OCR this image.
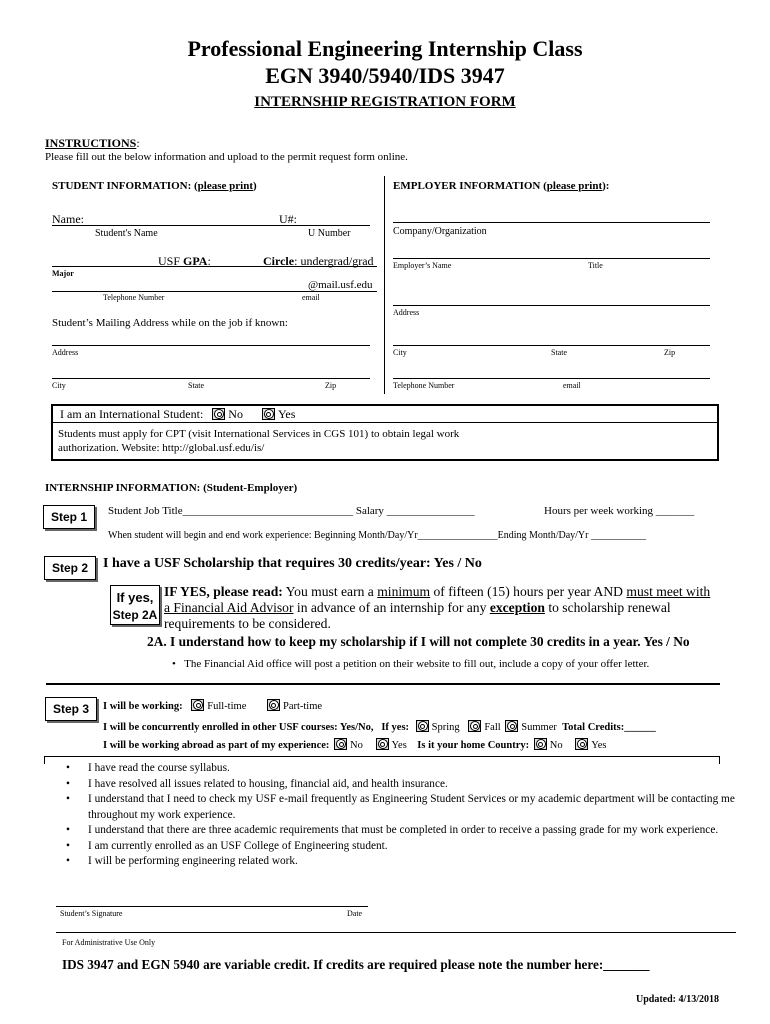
Professional Engineering Internship Class
EGN 3940/5940/IDS 3947
INTERNSHIP REGISTRATION FORM
INSTRUCTIONS:
Please fill out the below information and upload to the permit request form online.
STUDENT INFORMATION: (please print)
Name:	U#:
Student's Name	U Number
USF GPA:	Circle: undergrad/grad
Major
@mail.usf.edu
Telephone Number	email
Student’s Mailing Address while on the job if known:
Address
City	State	Zip
EMPLOYER INFORMATION (please print):
Company/Organization
Employer’s Name	Title
Address
City	State	Zip
Telephone Number	email
I am an International Student: No	Yes
Students must apply for CPT (visit International Services in CGS 101) to obtain legal work
authorization. Website: http://global.usf.edu/is/
INTERNSHIP INFORMATION: (Student-Employer)
Step 1	Student Job Title_______________________________ Salary ________________	Hours per week working _______
When student will begin and end work experience: Beginning Month/Day/Yr________________Ending Month/Day/Yr ___________
Step 2	I have a USF Scholarship that requires 30 credits/year: Yes / No
If yes,
Step 2A
IF YES, please read: You must earn a minimum of fifteen (15) hours per year AND must meet with
a Financial Aid Advisor in advance of an internship for any exception to scholarship renewal
requirements to be considered.
2A. I understand how to keep my scholarship if I will not complete 30 credits in a year. Yes / No
•   The Financial Aid office will post a petition on their website to fill out, include a copy of your offer letter.
Step 3	I will be working: Full-time	Part-time
I will be concurrently enrolled in other USF courses: Yes/No, If yes: Spring Fall Summer Total Credits:______
I will be working abroad as part of my experience: No	Yes Is it your home Country: No	Yes
• I have read the course syllabus.
• I have resolved all issues related to housing, financial aid, and health insurance.
• I understand that I need to check my USF e-mail frequently as Engineering Student Services or my academic department will be contacting me throughout my work experience.
• I understand that there are three academic requirements that must be completed in order to receive a passing grade for my work experience.
• I am currently enrolled as an USF College of Engineering student.
• I will be performing engineering related work.
Student’s Signature	Date
For Administrative Use Only
IDS 3947 and EGN 5940 are variable credit. If credits are required please note the number here:_______
Updated: 4/13/2018
